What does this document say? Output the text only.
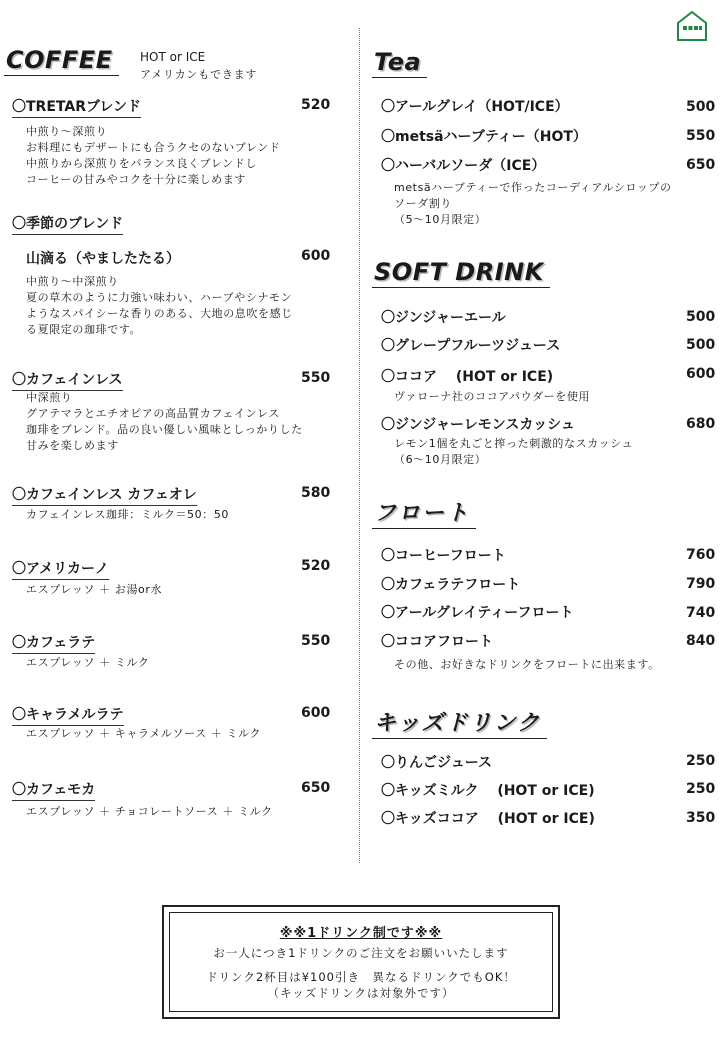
COFFEE	HOT or ICE
アメリカンもできます
〇TRETARブレンド	520
中煎り～深煎り
お料理にもデザートにも合うクセのないブレンド
中煎りから深煎りをバランス良くブレンドし
コーヒーの甘みやコクを十分に楽しめます
〇季節のブレンド
山滴る（やましたたる）	600
中煎り～中深煎り
夏の草木のように力強い味わい、ハーブやシナモン
ようなスパイシーな香りのある、大地の息吹を感じ
る夏限定の珈琲です。
〇カフェインレス	550
中深煎り
グアテマラとエチオピアの高品質カフェインレス
珈琲をブレンド。品の良い優しい風味としっかりした
甘みを楽しめます
〇カフェインレス カフェオレ	580
カフェインレス珈琲：ミルク＝50：50
〇アメリカーノ	520
エスプレッソ ＋ お湯or水
〇カフェラテ	550
エスプレッソ ＋ ミルク
〇キャラメルラテ	600
エスプレッソ ＋ キャラメルソース ＋ ミルク
〇カフェモカ	650
エスプレッソ ＋ チョコレートソース ＋ ミルク
Tea
〇アールグレイ（HOT/ICE）	500
〇metsäハーブティー（HOT）	550
〇ハーバルソーダ（ICE）	650
metsäハーブティーで作ったコーディアルシロップの
ソーダ割り
（5～10月限定）
SOFT DRINK
〇ジンジャーエール	500
〇グレープフルーツジュース	500
〇ココア　 (HOT or ICE)	600
ヴァローナ社のココアパウダーを使用
〇ジンジャーレモンスカッシュ	680
レモン1個を丸ごと搾った刺激的なスカッシュ
（6～10月限定）
フロート
〇コーヒーフロート	760
〇カフェラテフロート	790
〇アールグレイティーフロート	740
〇ココアフロート	840
その他、お好きなドリンクをフロートに出来ます。
キッズドリンク
〇りんごジュース	250
〇キッズミルク　 (HOT or ICE)	250
〇キッズココア　 (HOT or ICE)	350
※※1ドリンク制です※※
お一人につき1ドリンクのご注文をお願いいたします
ドリンク2杯目は¥100引き　異なるドリンクでもOK！
（キッズドリンクは対象外です）
